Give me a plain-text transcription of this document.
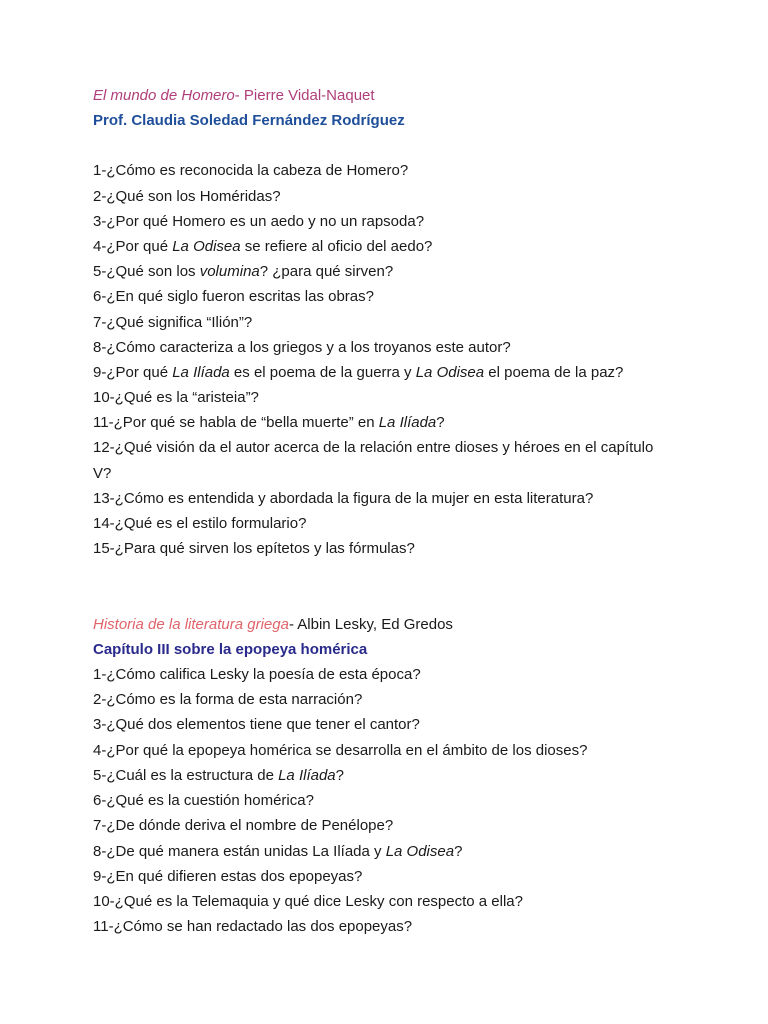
El mundo de Homero- Pierre Vidal-Naquet
Prof. Claudia Soledad Fernández Rodríguez
1-¿Cómo es reconocida la cabeza de Homero?
2-¿Qué son los Homéridas?
3-¿Por qué Homero es un aedo y no un rapsoda?
4-¿Por qué La Odisea se refiere al oficio del aedo?
5-¿Qué son los volumina? ¿para qué sirven?
6-¿En qué siglo fueron escritas las obras?
7-¿Qué significa “Ilión”?
8-¿Cómo caracteriza a los griegos y a los troyanos este autor?
9-¿Por qué La Ilíada es el poema de la guerra y La Odisea el poema de la paz?
10-¿Qué es la “aristeia”?
11-¿Por qué se habla de “bella muerte” en La Ilíada?
12-¿Qué visión da el autor acerca de la relación entre dioses y héroes en el capítulo
V?
13-¿Cómo es entendida y abordada la figura de la mujer en esta literatura?
14-¿Qué es el estilo formulario?
15-¿Para qué sirven los epítetos y las fórmulas?
Historia de la literatura griega- Albin Lesky, Ed Gredos
Capítulo III sobre la epopeya homérica
1-¿Cómo califica Lesky la poesía de esta época?
2-¿Cómo es la forma de esta narración?
3-¿Qué dos elementos tiene que tener el cantor?
4-¿Por qué la epopeya homérica se desarrolla en el ámbito de los dioses?
5-¿Cuál es la estructura de La Ilíada?
6-¿Qué es la cuestión homérica?
7-¿De dónde deriva el nombre de Penélope?
8-¿De qué manera están unidas La Ilíada y La Odisea?
9-¿En qué difieren estas dos epopeyas?
10-¿Qué es la Telemaquia y qué dice Lesky con respecto a ella?
11-¿Cómo se han redactado las dos epopeyas?
